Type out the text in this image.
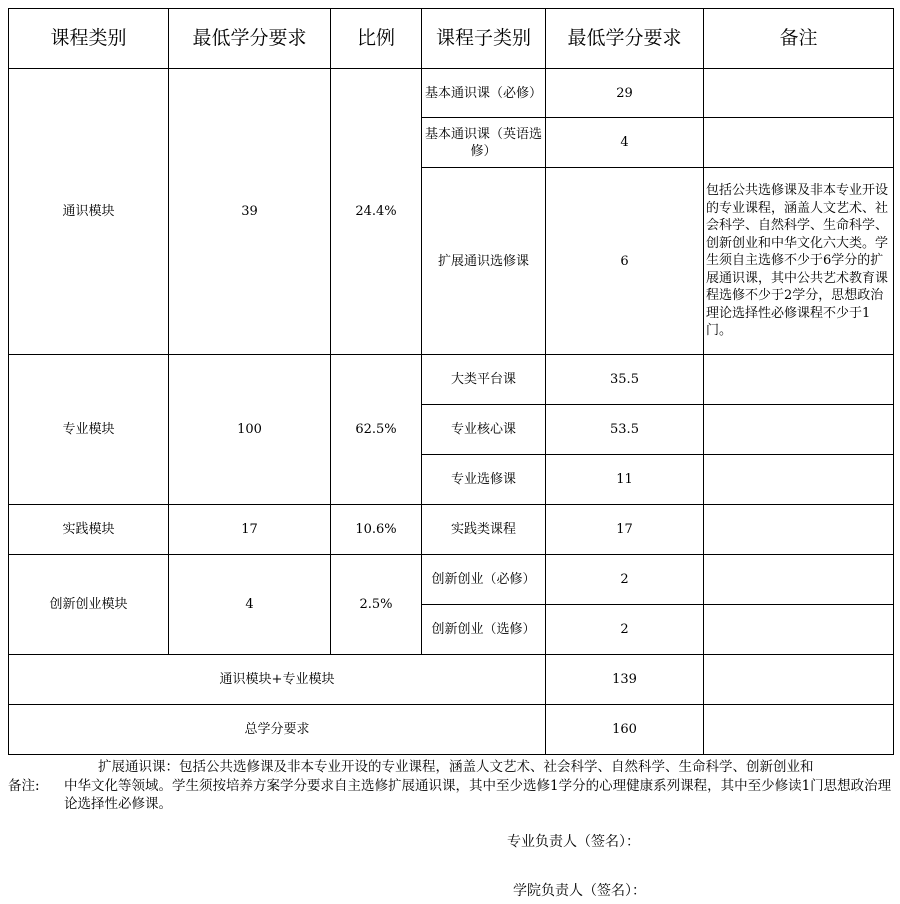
课程类别	最低学分要求	比例	课程子类别	最低学分要求	备注
通识模块	39	24.4%	基本通识课（必修）	29	
			基本通识课（英语选修）	4	
			扩展通识选修课	6	包括公共选修课及非本专业开设的专业课程，涵盖人文艺术、社会科学、自然科学、生命科学、创新创业和中华文化六大类。学生须自主选修不少于6学分的扩展通识课，其中公共艺术教育课程选修不少于2学分，思想政治理论选择性必修课程不少于1门。
专业模块	100	62.5%	大类平台课	35.5	
			专业核心课	53.5	
			专业选修课	11	
实践模块	17	10.6%	实践类课程	17	
创新创业模块	4	2.5%	创新创业（必修）	2	
			创新创业（选修）	2	
通识模块+专业模块				139	
总学分要求				160	
备注:
扩展通识课：包括公共选修课及非本专业开设的专业课程，涵盖人文艺术、社会科学、自然科学、生命科学、创新创业和
中华文化等领域。学生须按培养方案学分要求自主选修扩展通识课，其中至少选修1学分的心理健康系列课程，其中至少修读1门思想政治理论选择性必修课。
专业负责人（签名）：
学院负责人（签名）：
